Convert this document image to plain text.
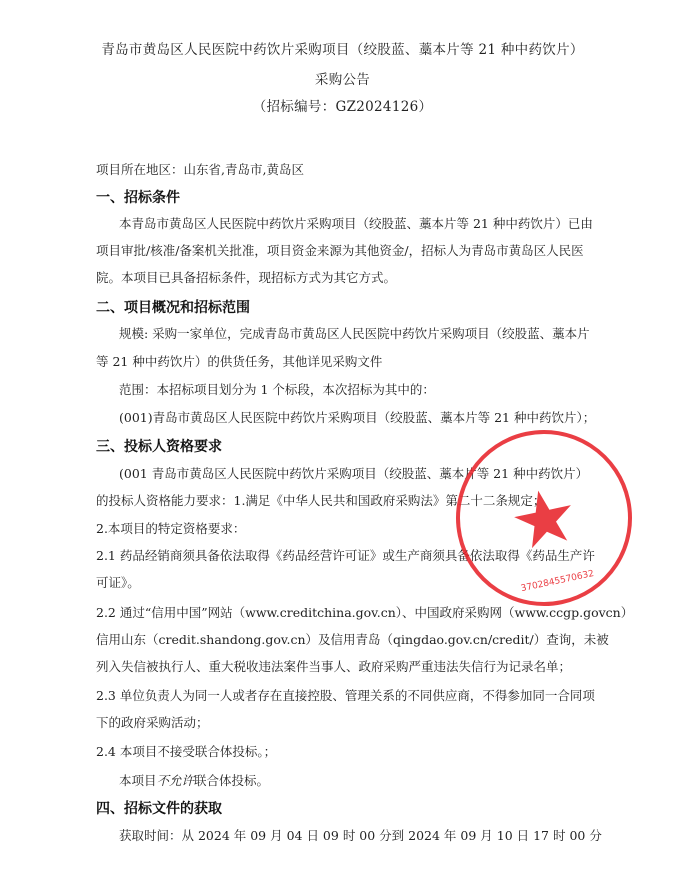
青岛市黄岛区人民医院中药饮片采购项目（绞股蓝、藁本片等 21 种中药饮片）
采购公告
（招标编号：GZ2024126）
项目所在地区：山东省,青岛市,黄岛区
一、招标条件
本青岛市黄岛区人民医院中药饮片采购项目（绞股蓝、藁本片等 21 种中药饮片）已由
项目审批/核准/备案机关批准，项目资金来源为其他资金/，招标人为青岛市黄岛区人民医
院。本项目已具备招标条件，现招标方式为其它方式。
二、项目概况和招标范围
规模: 采购一家单位，完成青岛市黄岛区人民医院中药饮片采购项目（绞股蓝、藁本片
等 21 种中药饮片）的供货任务，其他详见采购文件
范围：本招标项目划分为 1 个标段，本次招标为其中的：
(001)青岛市黄岛区人民医院中药饮片采购项目（绞股蓝、藁本片等 21 种中药饮片）；
三、投标人资格要求
(001 青岛市黄岛区人民医院中药饮片采购项目（绞股蓝、藁本片等 21 种中药饮片）
的投标人资格能力要求：1.满足《中华人民共和国政府采购法》第二十二条规定；
2.本项目的特定资格要求：
2.1 药品经销商须具备依法取得《药品经营许可证》或生产商须具备依法取得《药品生产许
可证》。
2.2 通过“信用中国”网站（www.creditchina.gov.cn）、中国政府采购网（www.ccgp.govcn）
信用山东（credit.shandong.gov.cn）及信用青岛（qingdao.gov.cn/credit/）查询，未被
列入失信被执行人、重大税收违法案件当事人、政府采购严重违法失信行为记录名单；
2.3 单位负责人为同一人或者存在直接控股、管理关系的不同供应商，不得参加同一合同项
下的政府采购活动；
2.4 本项目不接受联合体投标。；
本项目不允许联合体投标。
四、招标文件的获取
获取时间：从 2024 年 09 月 04 日 09 时 00 分到 2024 年 09 月 10 日 17 时 00 分
3702845570632
